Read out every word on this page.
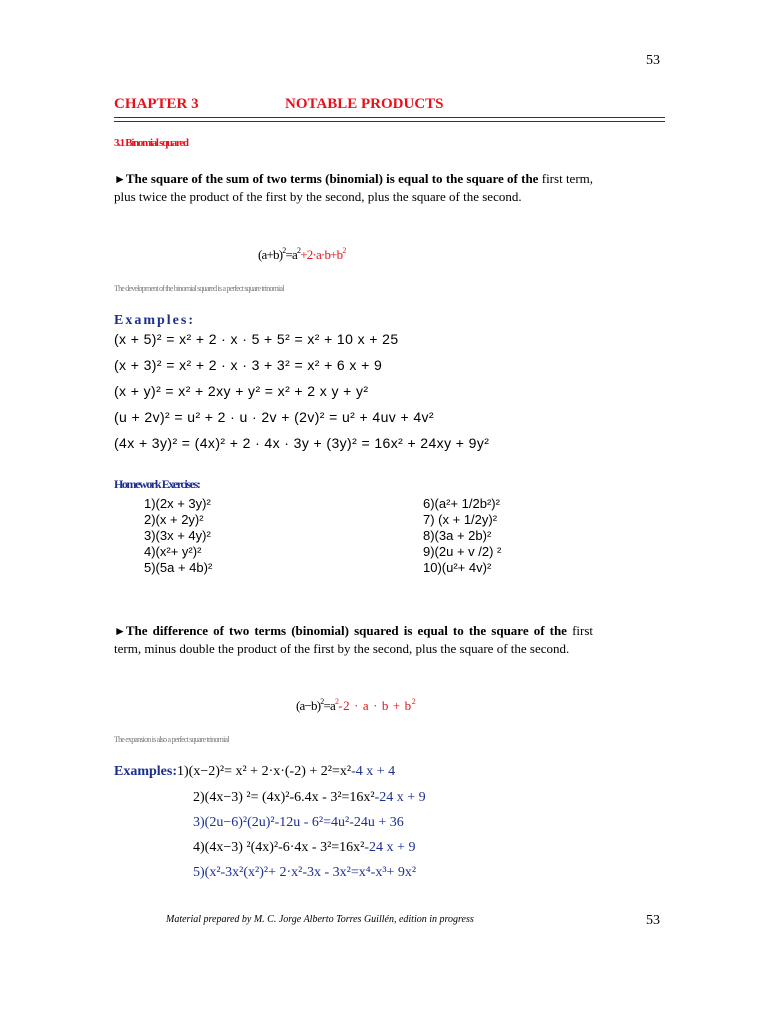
53
CHAPTER 3	NOTABLE PRODUCTS
3.1 Binomial squared
►The square of the sum of two terms (binomial) is equal to the square of the first term, plus twice the product of the first by the second, plus the square of the second.
$(a+b)^2=a^2+2\cdot a\cdot b+b^2$
The development of the binomial squared is a perfect square trinomial
Examples:
(x + 5)² = x² + 2 · x · 5 + 5² = x² + 10 x + 25
(x + 3)² = x² + 2 · x · 3 + 3² = x² + 6 x + 9
(x + y)² = x² + 2xy + y² = x² + 2 x y + y²
(u + 2v)² = u² + 2 · u · 2v + (2v)² = u² + 4uv + 4v²
(4x + 3y)² = (4x)² + 2 · 4x · 3y + (3y)² = 16x² + 24xy + 9y²
Homework Exercises:
1)(2x + 3y)²
2)(x + 2y)²
3)(3x + 4y)²
4)(x²+ y²)²
5)(5a + 4b)²
6)(a²+ 1/2b²)²
7) (x + 1/2y)²
8)(3a + 2b)²
9)(2u + v /2) ²
10)(u²+ 4v)²
►The difference of two terms (binomial) squared is equal to the square of the first term, minus double the product of the first by the second, plus the square of the second.
$(a-b)^2=a^2-2 \cdot a \cdot b + b^2$
The expansion is also a perfect square trinomial
Examples:1)(x−2)²= x² + 2·x·(-2) + 2²=x²-4 x + 4
2)(4x−3) ²= (4x)²-6.4x - 3²=16x²-24 x + 9
3)(2u−6)²(2u)²-12u - 6²=4u²-24u + 36
4)(4x−3) ²(4x)²-6·4x - 3²=16x²-24 x + 9
5)(x²-3x²(x²)²+ 2·x²-3x - 3x²=x⁴-x³+ 9x²
Material prepared by M. C. Jorge Alberto Torres Guillén, edition in progress	53
